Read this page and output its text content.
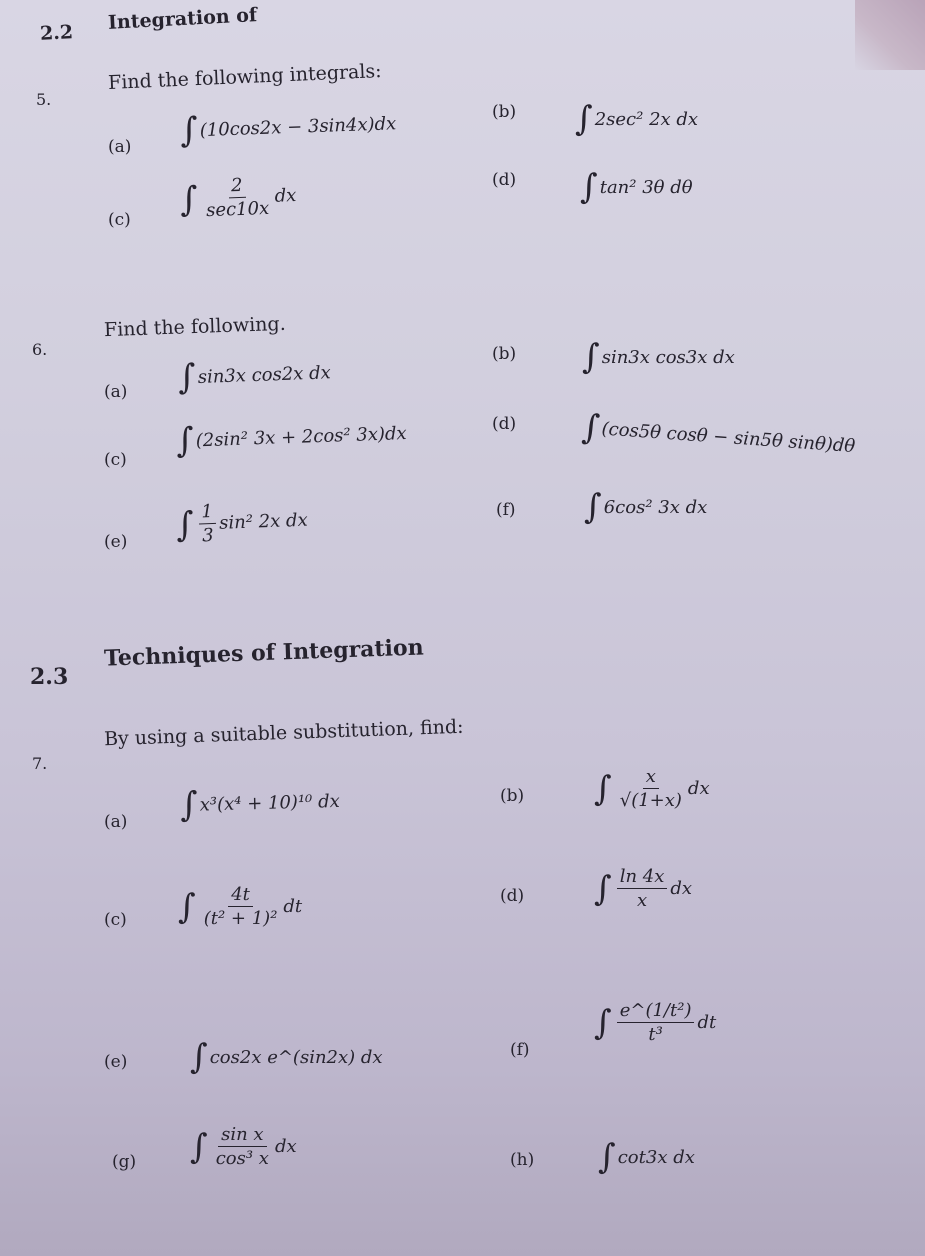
2.2 Integration of
5.
Find the following integrals:
(a) ∫ (10cos2x − 3sin4x)dx
(b) ∫ 2sec² 2x dx
(c)
∫ $\frac{2}{\sec 10x}$ dx
(d) ∫ tan² 3θ dθ
6.
Find the following.
(a) ∫ sin3x cos2x dx
(b) ∫ sin3x cos3x dx
(c) ∫ (2sin² 3x + 2cos² 3x)dx	(d) ∫ (cos5θ cosθ − sin5θ sinθ)dθ
(e) ∫ $\frac{1}{3} \sin^2$ 2x dx	(f) ∫ 6cos² 3x dx
2.3
Techniques of Integration
7.
By using a suitable substitution, find:
(a) ∫ x³(x⁴ + 10)¹⁰ dx	(b) ∫ $\frac{x}{√(1+x)}$ dx
(c) ∫ $\frac{4t}{\text{(t² + 1)²}}$ dt	(d) ∫ $\frac{\ln 4x}{x}$ dx
(e) ∫ cos2x e^(sin2x) dx	(f)
∫ $\frac{\text{e\textasciicircum{}(1/t²)}}{\text{t³}}$ dt
(g) ∫ $\frac{\text{sin x}}{\text{cos³ x}}$ dx
(h) ∫ cot3x dx
